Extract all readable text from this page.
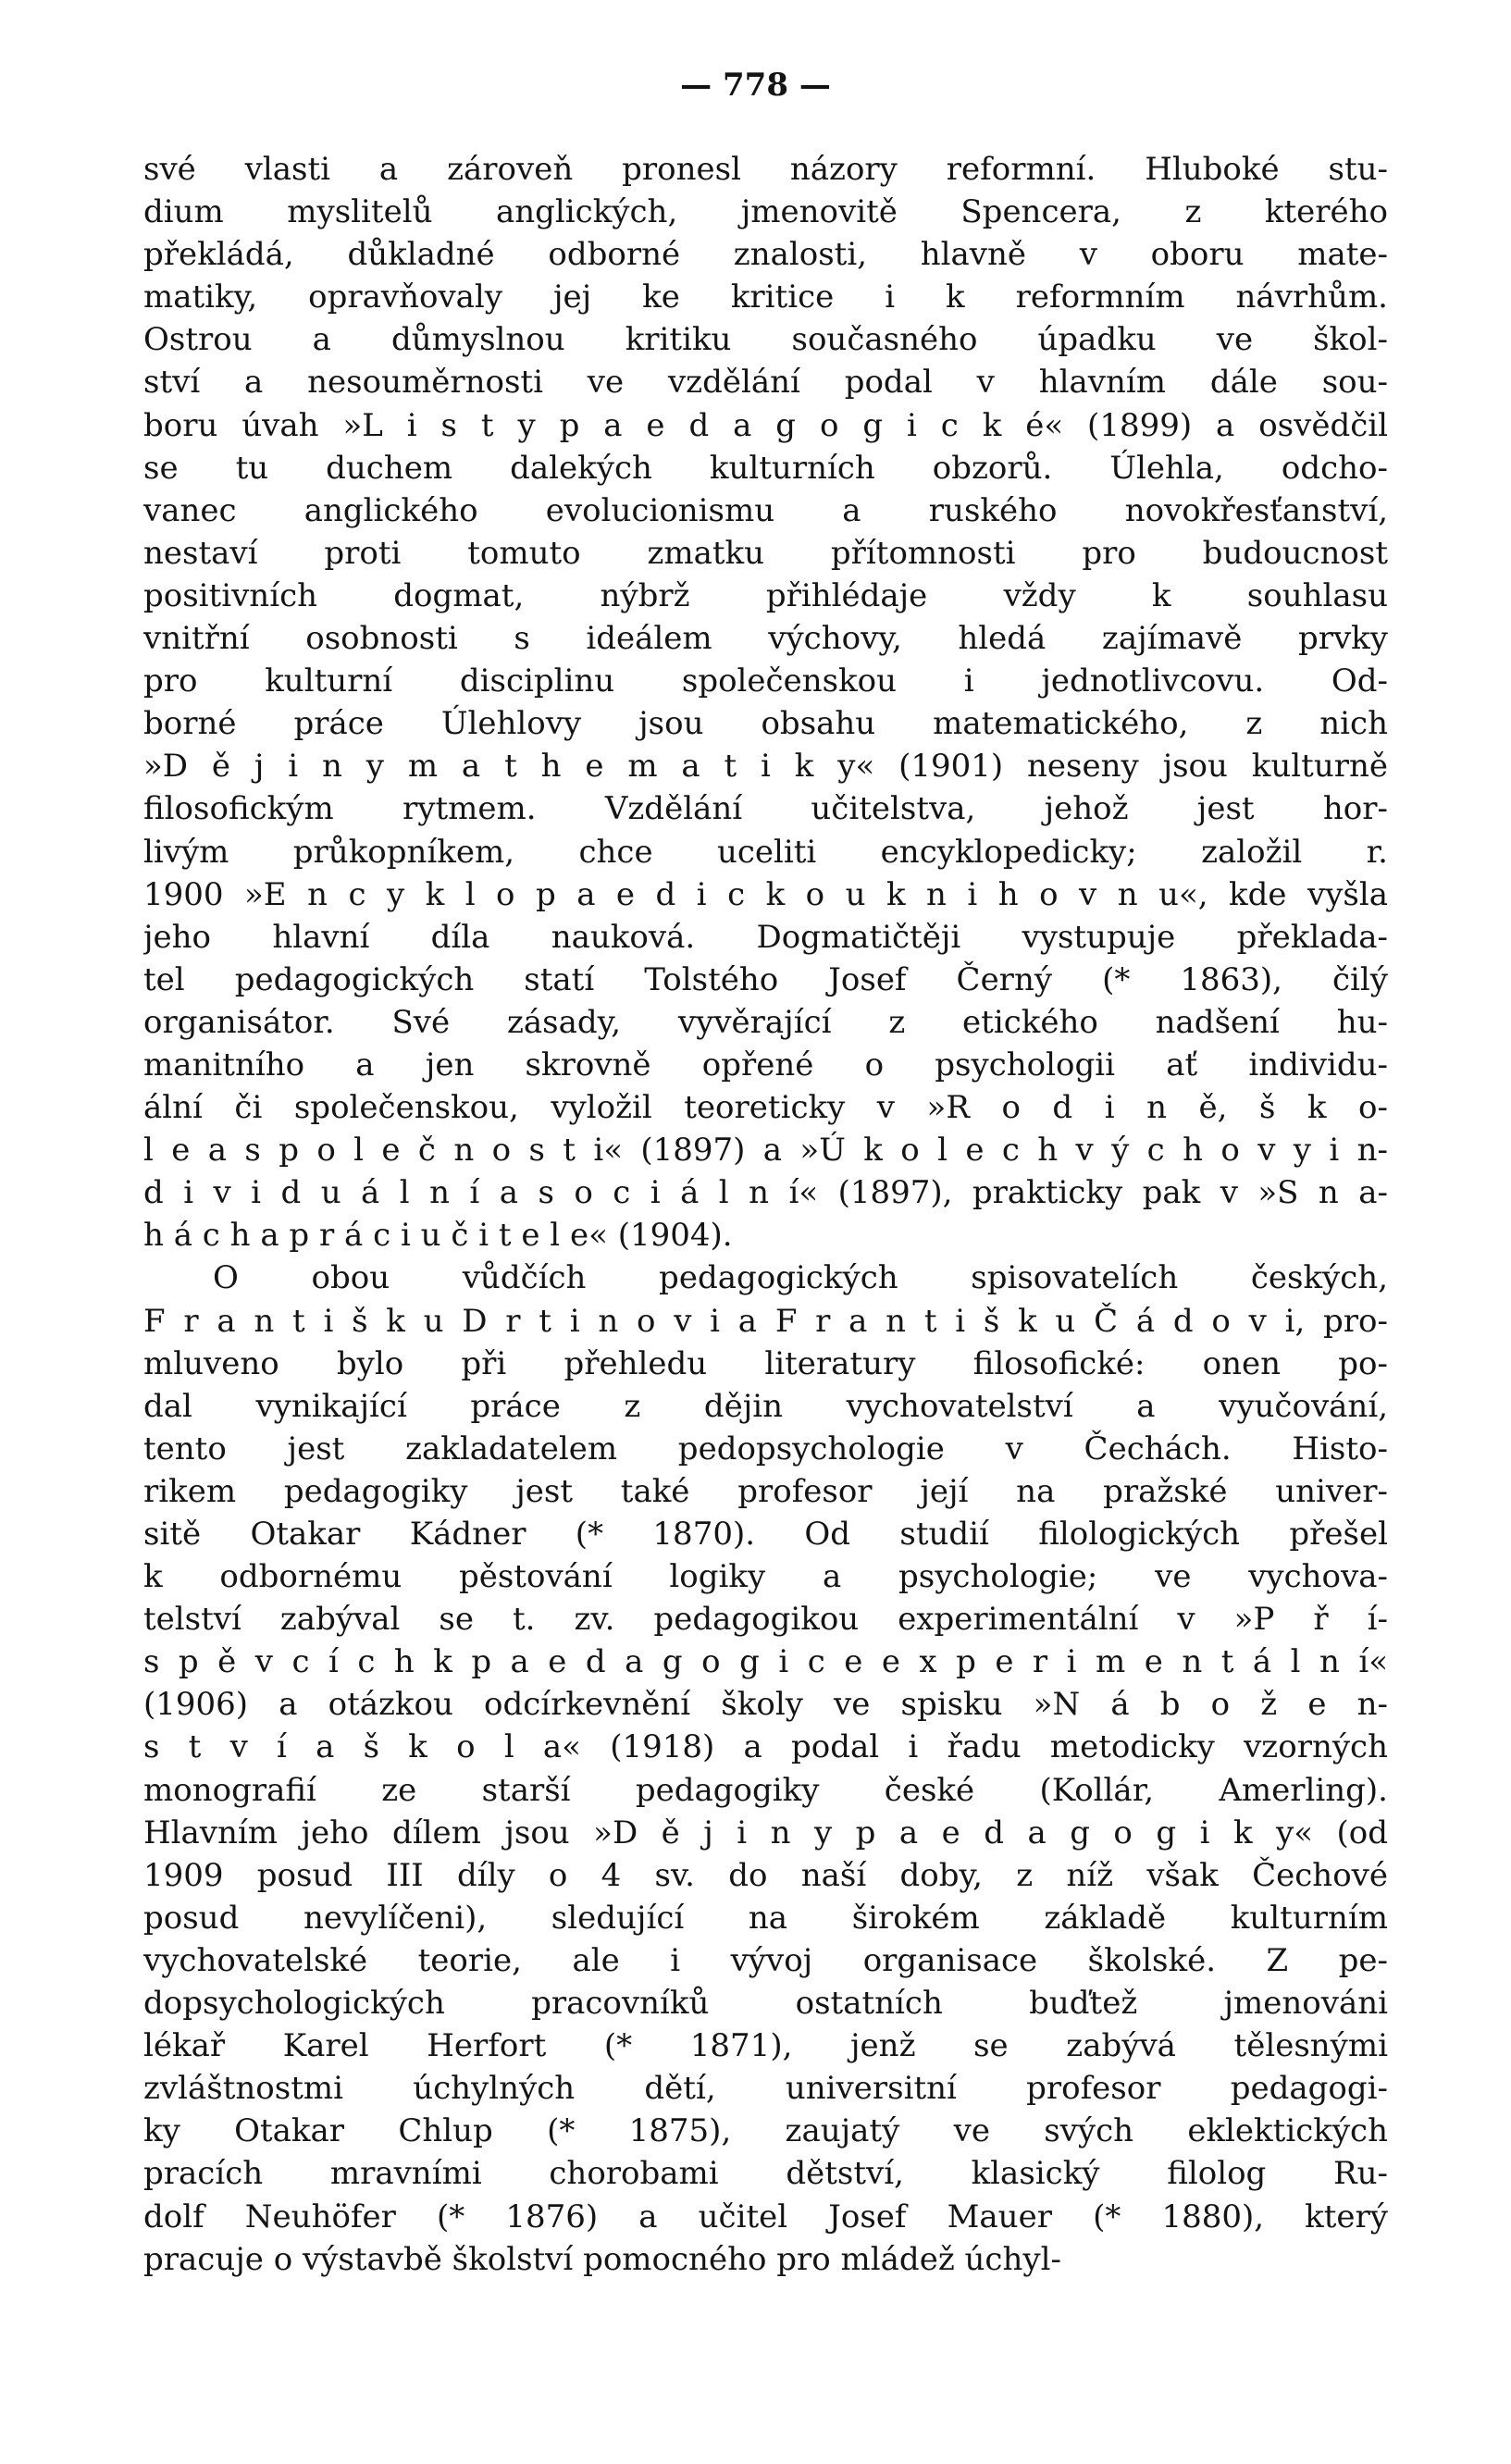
— 778 —
své vlasti a zároveň pronesl názory reformní. Hluboké stu-
dium myslitelů anglických, jmenovitě Spencera, z kterého
překládá, důkladné odborné znalosti, hlavně v oboru mate-
matiky, opravňovaly jej ke kritice i k reformním návrhům.
Ostrou a důmyslnou kritiku současného úpadku ve škol-
ství a nesouměrnosti ve vzdělání podal v hlavním dále sou-
boru úvah »L i s t y p a e d a g o g i c k é« (1899) a osvědčil
se tu duchem dalekých kulturních obzorů. Úlehla, odcho-
vanec anglického evolucionismu a ruského novokřesťanství,
nestaví proti tomuto zmatku přítomnosti pro budoucnost
positivních dogmat, nýbrž přihlédaje vždy k souhlasu
vnitřní osobnosti s ideálem výchovy, hledá zajímavě prvky
pro kulturní disciplinu společenskou i jednotlivcovu. Od-
borné práce Úlehlovy jsou obsahu matematického, z nich
»D ě j i n y m a t h e m a t i k y« (1901) neseny jsou kulturně
filosofickým rytmem. Vzdělání učitelstva, jehož jest hor-
livým průkopníkem, chce uceliti encyklopedicky; založil r.
1900 »E n c y k l o p a e d i c k o u k n i h o v n u«, kde vyšla
jeho hlavní díla nauková. Dogmatičtěji vystupuje překlada-
tel pedagogických statí Tolstého Josef Černý (* 1863), čilý
organisátor. Své zásady, vyvěrající z etického nadšení hu-
manitního a jen skrovně opřené o psychologii ať individu-
ální či společenskou, vyložil teoreticky v »R o d i n ě, š k o-
l e a s p o l e č n o s t i« (1897) a »Ú k o l e c h v ý c h o v y i n-
d i v i d u á l n í a s o c i á l n í« (1897), prakticky pak v »S n a-
h á c h a p r á c i u č i t e l e« (1904).
O obou vůdčích pedagogických spisovatelích českých,
F r a n t i š k u D r t i n o v i a F r a n t i š k u Č á d o v i, pro-
mluveno bylo při přehledu literatury filosofické: onen po-
dal vynikající práce z dějin vychovatelství a vyučování,
tento jest zakladatelem pedopsychologie v Čechách. Histo-
rikem pedagogiky jest také profesor její na pražské univer-
sitě Otakar Kádner (* 1870). Od studií filologických přešel
k odbornému pěstování logiky a psychologie; ve vychova-
telství zabýval se t. zv. pedagogikou experimentální v »P ř í-
s p ě v c í c h k p a e d a g o g i c e e x p e r i m e n t á l n í«
(1906) a otázkou odcírkevnění školy ve spisku »N á b o ž e n-
s t v í a š k o l a« (1918) a podal i řadu metodicky vzorných
monografií ze starší pedagogiky české (Kollár, Amerling).
Hlavním jeho dílem jsou »D ě j i n y p a e d a g o g i k y« (od
1909 posud III díly o 4 sv. do naší doby, z níž však Čechové
posud nevylíčeni), sledující na širokém základě kulturním
vychovatelské teorie, ale i vývoj organisace školské. Z pe-
dopsychologických pracovníků ostatních buďtež jmenováni
lékař Karel Herfort (* 1871), jenž se zabývá tělesnými
zvláštnostmi úchylných dětí, universitní profesor pedagogi-
ky Otakar Chlup (* 1875), zaujatý ve svých eklektických
pracích mravními chorobami dětství, klasický filolog Ru-
dolf Neuhöfer (* 1876) a učitel Josef Mauer (* 1880), který
pracuje o výstavbě školství pomocného pro mládež úchyl-
